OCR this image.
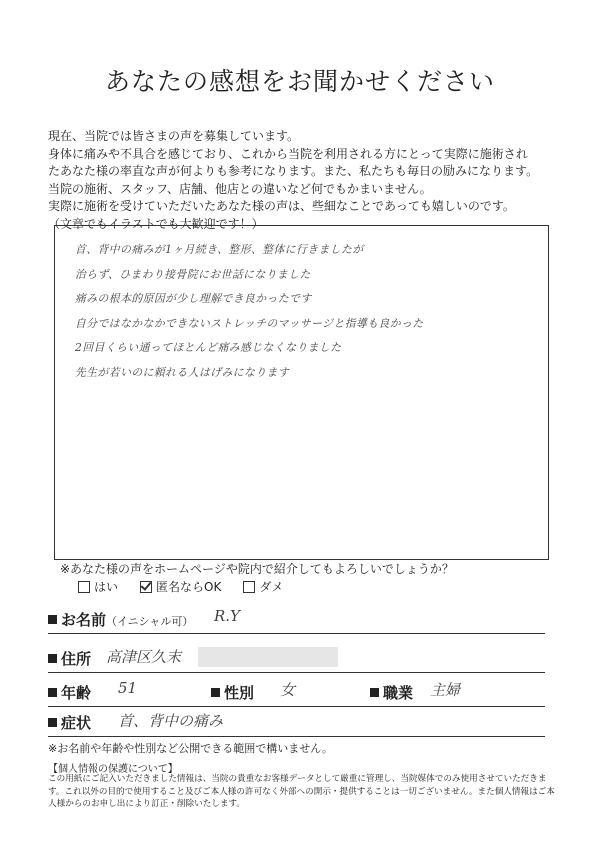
あなたの感想をお聞かせください
現在、当院では皆さまの声を募集しています。
身体に痛みや不具合を感じており、これから当院を利用される方にとって実際に施術され
たあなた様の率直な声が何よりも参考になります。また、私たちも毎日の励みになります。
当院の施術、スタッフ、店舗、他店との違いなど何でもかまいません。
実際に施術を受けていただいたあなた様の声は、些細なことであっても嬉しいのです。
（文章でもイラストでも大歓迎です！）
首、背中の痛みが1ヶ月続き、整形、整体に行きましたが
治らず、ひまわり接骨院にお世話になりました
痛みの根本的原因が少し理解でき良かったです
自分ではなかなかできないストレッチのマッサージと指導も良かった
2回目くらい通ってほとんど痛み感じなくなりました
先生が若いのに頼れる人はげみになります
※あなた様の声をホームページや院内で紹介してもよろしいでしょうか？
はい	匿名ならOK	ダメ
お名前（イニシャル可） R.Y
住所 高津区久末
年齢 51	性別 女	職業 主婦
症状 首、背中の痛み
※お名前や年齢や性別など公開できる範囲で構いません。
【個人情報の保護について】
この用紙にご記入いただきました情報は、当院の貴重なお客様データとして厳重に管理し、当院媒体でのみ使用させていただきま
す。これ以外の目的で使用すること及びご本人様の許可なく外部への開示・提供することは一切ございません。また個人情報はご本
人様からのお申し出により訂正・削除いたします。
